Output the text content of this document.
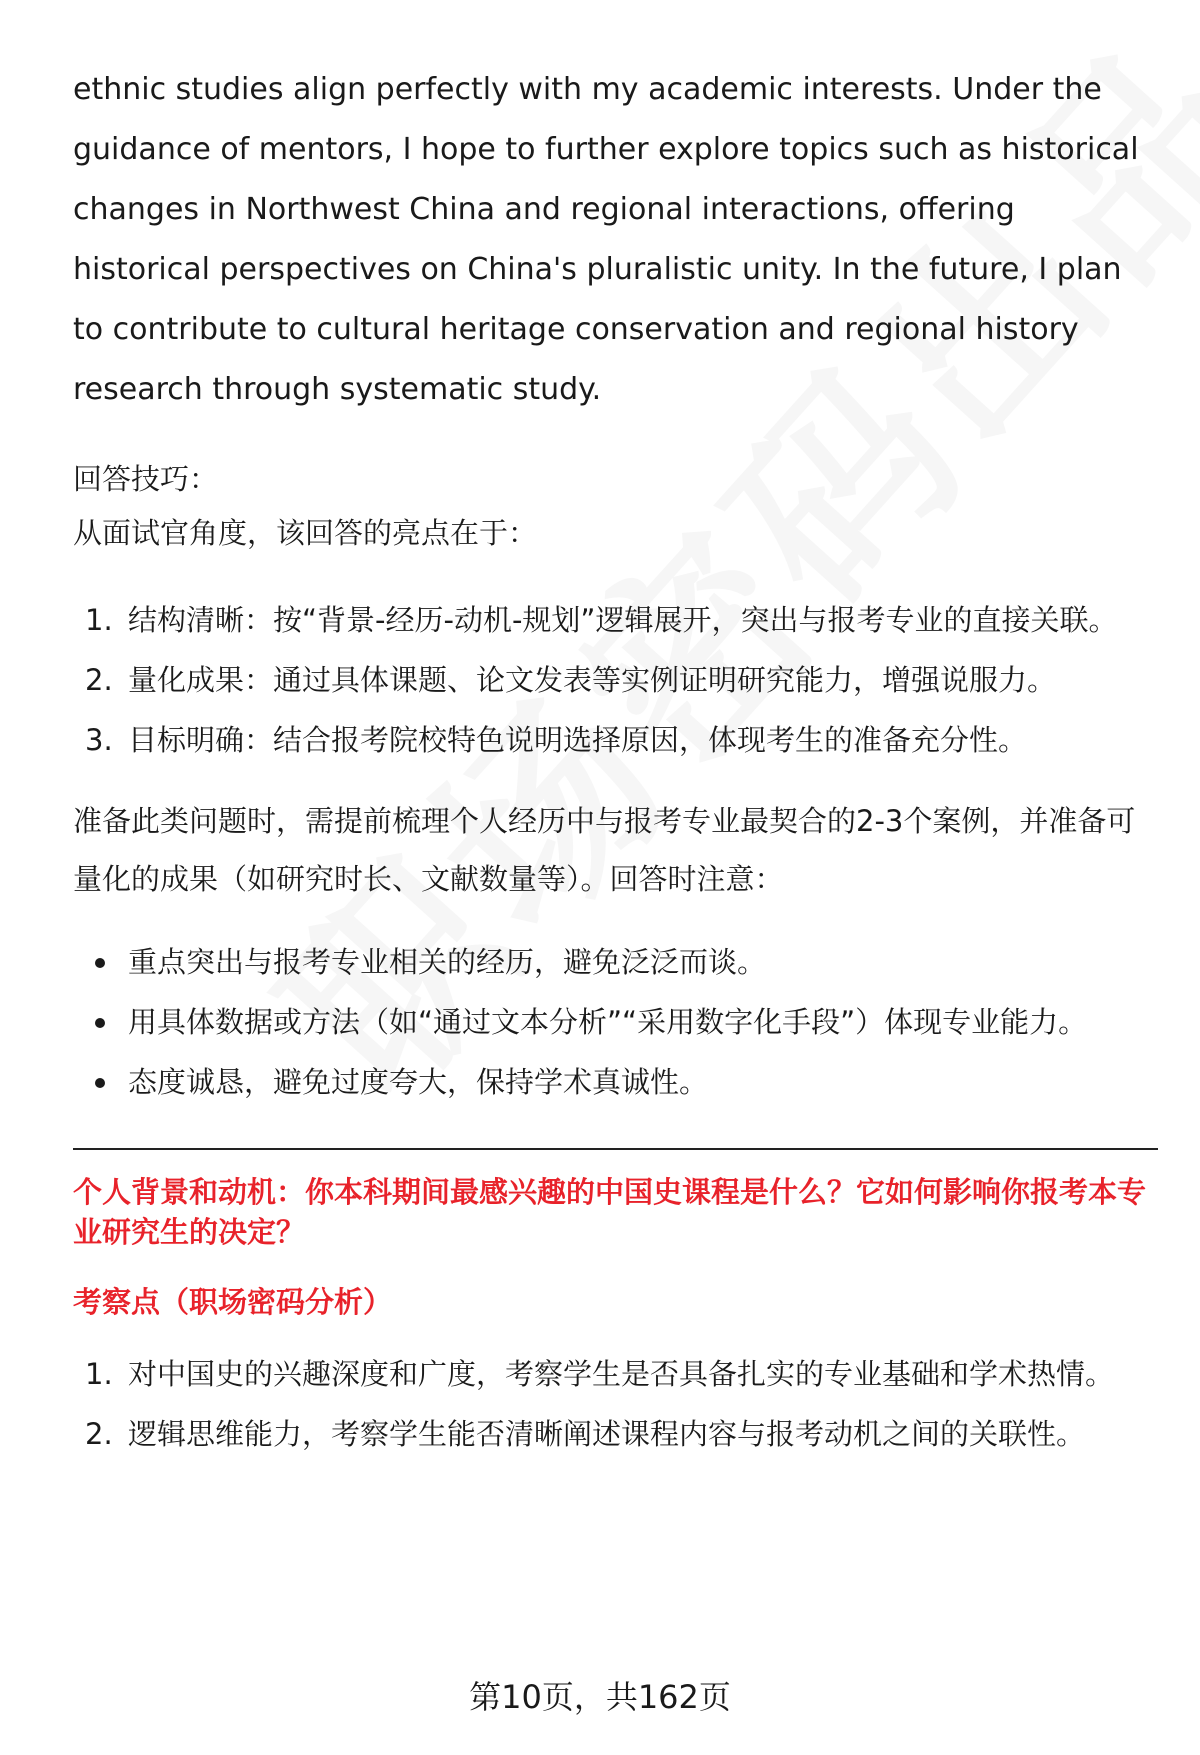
ethnic studies align perfectly with my academic interests. Under the guidance of mentors, I hope to further explore topics such as historical changes in Northwest China and regional interactions, offering historical perspectives on China's pluralistic unity. In the future, I plan to contribute to cultural heritage conservation and regional history research through systematic study.

回答技巧：

从面试官角度，该回答的亮点在于：

1. 结构清晰：按“背景-经历-动机-规划”逻辑展开，突出与报考专业的直接关联。
2. 量化成果：通过具体课题、论文发表等实例证明研究能力，增强说服力。
3. 目标明确：结合报考院校特色说明选择原因，体现考生的准备充分性。

准备此类问题时，需提前梳理个人经历中与报考专业最契合的2-3个案例，并准备可量化的成果（如研究时长、文献数量等）。回答时注意：

重点突出与报考专业相关的经历，避免泛泛而谈。
用具体数据或方法（如“通过文本分析”“采用数字化手段”）体现专业能力。
态度诚恳，避免过度夸大，保持学术真诚性。

个人背景和动机：你本科期间最感兴趣的中国史课程是什么？它如何影响你报考本专业研究生的决定？

考察点（职场密码分析）

1. 对中国史的兴趣深度和广度，考察学生是否具备扎实的专业基础和学术热情。
2. 逻辑思维能力，考察学生能否清晰阐述课程内容与报考动机之间的关联性。
第10页，共162页
